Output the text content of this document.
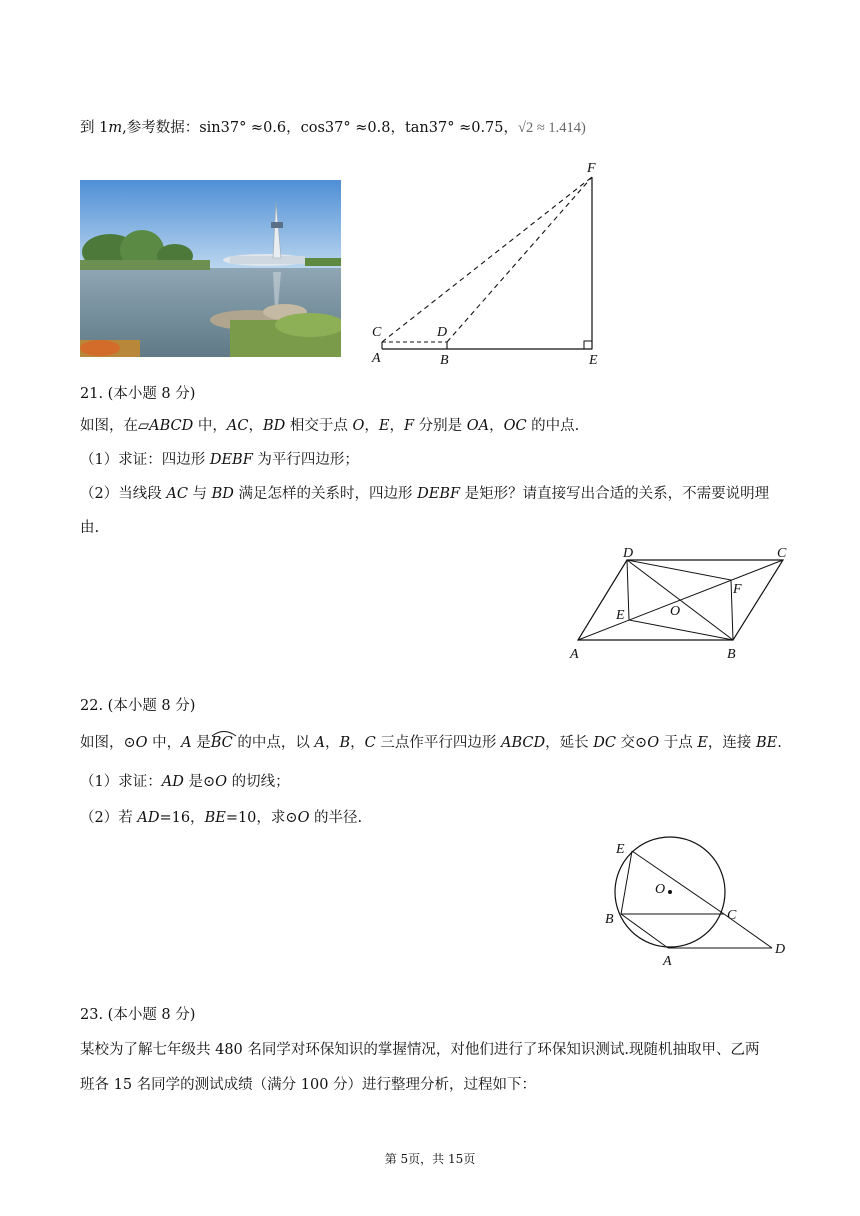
到 1m,参考数据：sin37° ≈0.6，cos37° ≈0.8，tan37° ≈0.75，√2 ≈ 1.414)
F
C	D
A	B	E
21. (本小题 8 分)
如图，在▱ABCD 中，AC，BD 相交于点 O，E，F 分别是 OA，OC 的中点.
（1）求证：四边形 DEBF 为平行四边形；
（2）当线段 AC 与 BD 满足怎样的关系时，四边形 DEBF 是矩形？请直接写出合适的关系，不需要说明理
由.
D	C
F
E	O
A	B
22. (本小题 8 分)
如图，⊙O 中，A 是
BC 的中点，以 A，B，C 三点作平行四边形 ABCD，延长 DC 交⊙O 于点 E，连接 BE.
（1）求证：AD 是⊙O 的切线；
（2）若 AD=16，BE=10，求⊙O 的半径.
E
O
B	C
A
D
23. (本小题 8 分)
某校为了解七年级共 480 名同学对环保知识的掌握情况，对他们进行了环保知识测试.现随机抽取甲、乙两
班各 15 名同学的测试成绩（满分 100 分）进行整理分析，过程如下：
第 5页，共 15页
